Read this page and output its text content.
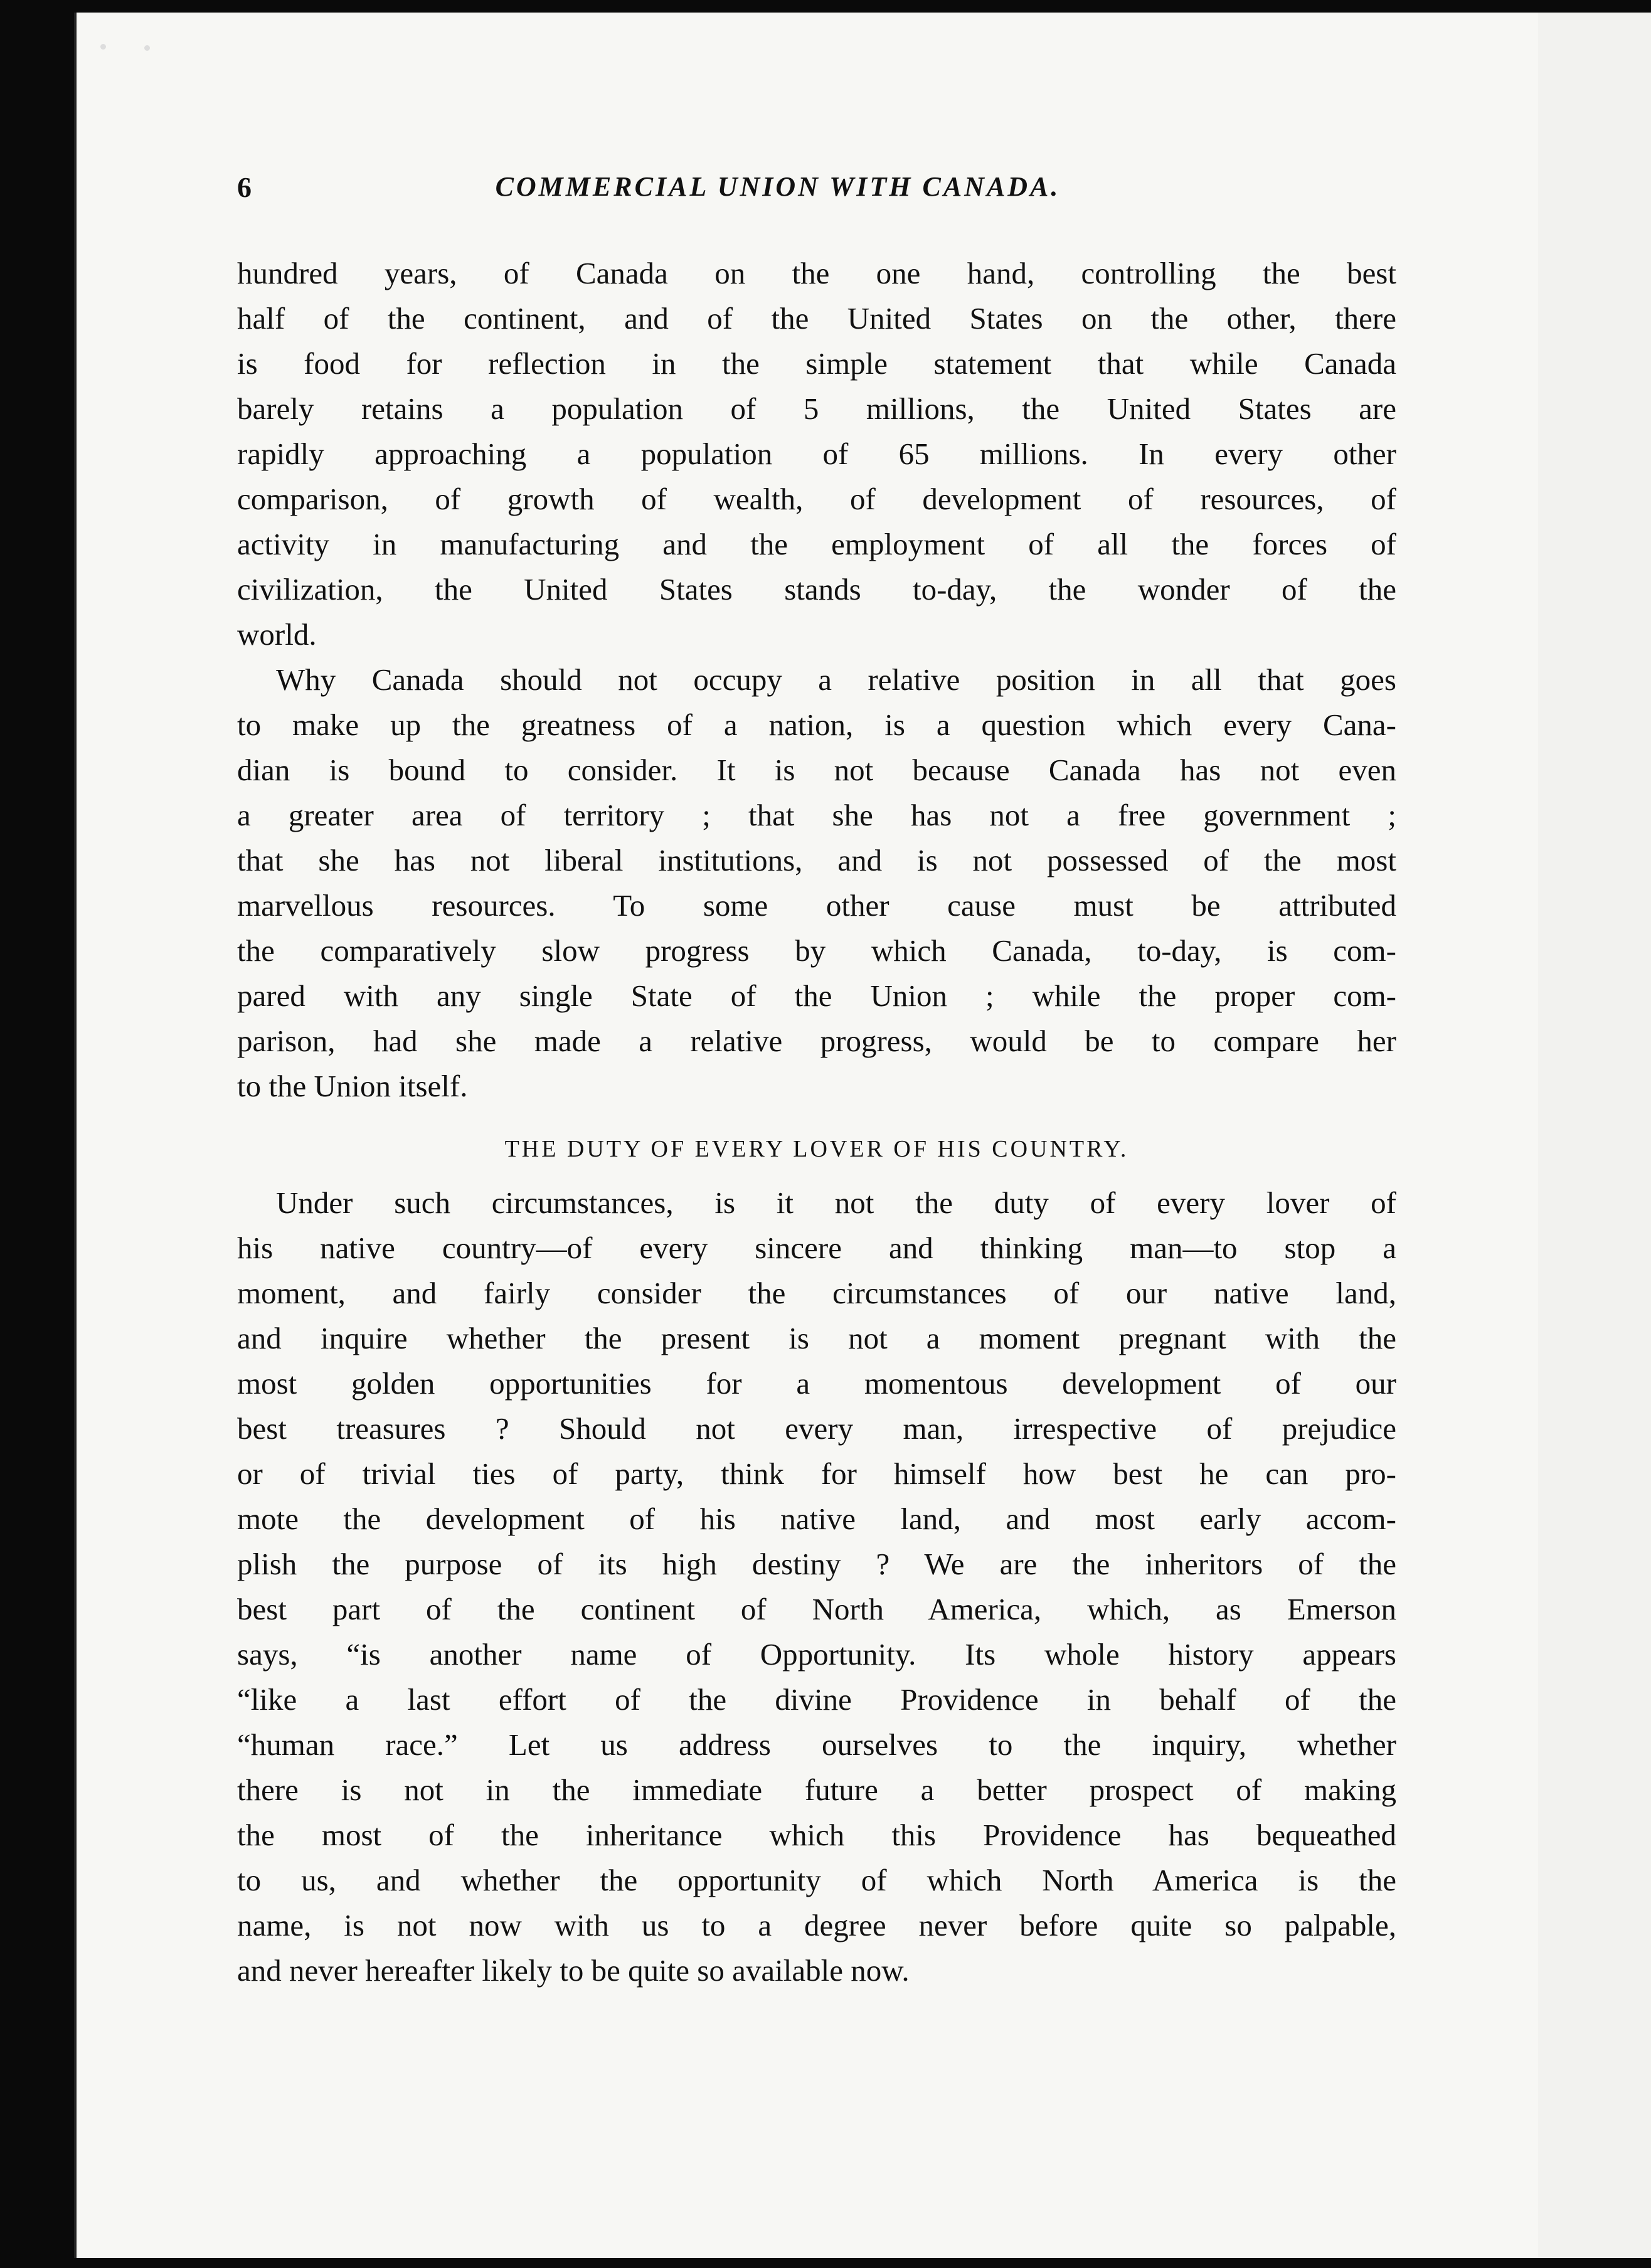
6	COMMERCIAL UNION WITH CANADA.

hundred years, of Canada on the one hand, controlling the best
half of the continent, and of the United States on the other, there
is food for reflection in the simple statement that while Canada
barely retains a population of 5 millions, the United States are
rapidly approaching a population of 65 millions. In every other
comparison, of growth of wealth, of development of resources, of
activity in manufacturing and the employment of all the forces of
civilization, the United States stands to-day, the wonder of the
world.

Why Canada should not occupy a relative position in all that goes
to make up the greatness of a nation, is a question which every Cana-
dian is bound to consider. It is not because Canada has not even
a greater area of territory ; that she has not a free government ;
that she has not liberal institutions, and is not possessed of the most
marvellous resources. To some other cause must be attributed
the comparatively slow progress by which Canada, to-day, is com-
pared with any single State of the Union ; while the proper com-
parison, had she made a relative progress, would be to compare her
to the Union itself.

THE DUTY OF EVERY LOVER OF HIS COUNTRY.

Under such circumstances, is it not the duty of every lover of
his native country—of every sincere and thinking man—to stop a
moment, and fairly consider the circumstances of our native land,
and inquire whether the present is not a moment pregnant with the
most golden opportunities for a momentous development of our
best treasures ? Should not every man, irrespective of prejudice
or of trivial ties of party, think for himself how best he can pro-
mote the development of his native land, and most early accom-
plish the purpose of its high destiny ? We are the inheritors of the
best part of the continent of North America, which, as Emerson
says, “is another name of Opportunity. Its whole history appears
“like a last effort of the divine Providence in behalf of the
“human race.” Let us address ourselves to the inquiry, whether
there is not in the immediate future a better prospect of making
the most of the inheritance which this Providence has bequeathed
to us, and whether the opportunity of which North America is the
name, is not now with us to a degree never before quite so palpable,
and never hereafter likely to be quite so available now.
